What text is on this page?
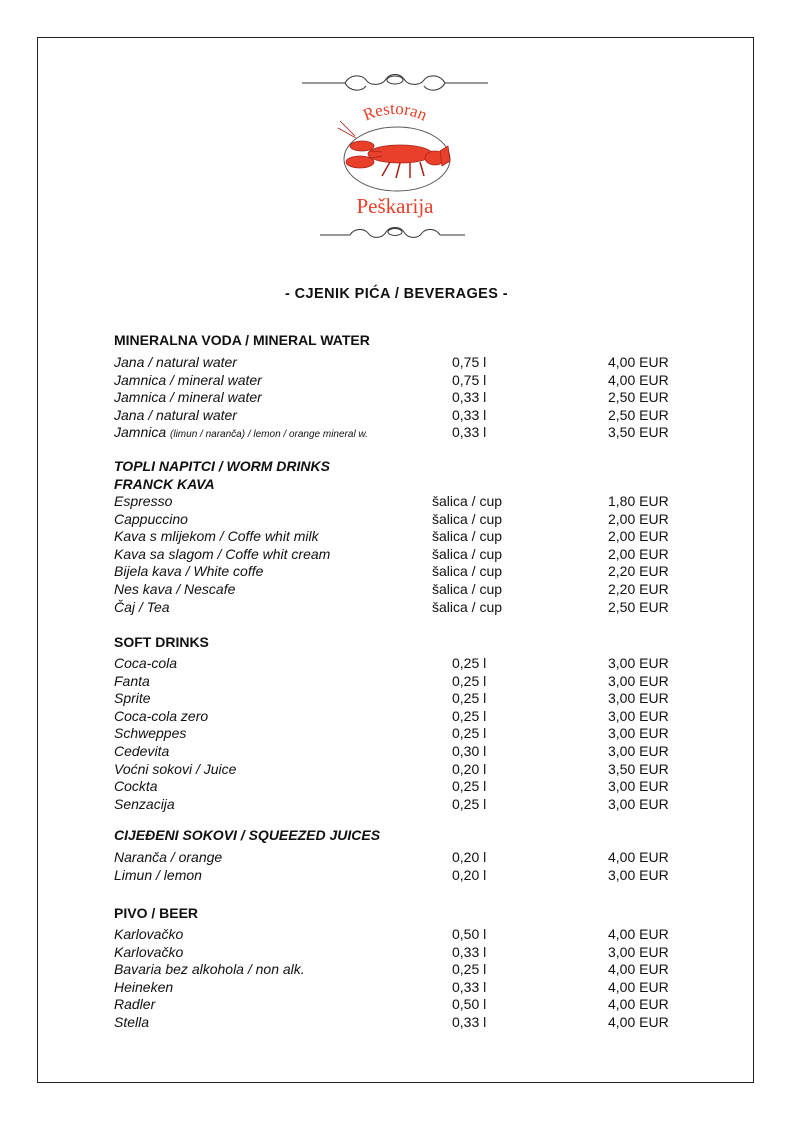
Restoran
Peškarija
- CJENIK PIĆA / BEVERAGES -
MINERALNA VODA / MINERAL WATER
Jana / natural water	0,75 l	4,00 EUR
Jamnica / mineral water	0,75 l	4,00 EUR
Jamnica / mineral water	0,33 l	2,50 EUR
Jana / natural water	0,33 l	2,50 EUR
Jamnica (limun / naranča) / lemon / orange mineral w.	0,33 l	3,50 EUR
TOPLI NAPITCI / WORM DRINKS
FRANCK KAVA
Espresso	šalica / cup	1,80 EUR
Cappuccino	šalica / cup	2,00 EUR
Kava s mlijekom / Coffe whit milk	šalica / cup	2,00 EUR
Kava sa slagom / Coffe whit cream	šalica / cup	2,00 EUR
Bijela kava / White coffe	šalica / cup	2,20 EUR
Nes kava / Nescafe	šalica / cup	2,20 EUR
Čaj / Tea	šalica / cup	2,50 EUR
SOFT DRINKS
Coca-cola	0,25 l	3,00 EUR
Fanta	0,25 l	3,00 EUR
Sprite	0,25 l	3,00 EUR
Coca-cola zero	0,25 l	3,00 EUR
Schweppes	0,25 l	3,00 EUR
Cedevita	0,30 l	3,00 EUR
Voćni sokovi / Juice	0,20 l	3,50 EUR
Cockta	0,25 l	3,00 EUR
Senzacija	0,25 l	3,00 EUR
CIJEĐENI SOKOVI / SQUEEZED JUICES
Naranča / orange	0,20 l	4,00 EUR
Limun / lemon	0,20 l	3,00 EUR
PIVO / BEER
Karlovačko	0,50 l	4,00 EUR
Karlovačko	0,33 l	3,00 EUR
Bavaria bez alkohola / non alk.	0,25 l	4,00 EUR
Heineken	0,33 l	4,00 EUR
Radler	0,50 l	4,00 EUR
Stella	0,33 l	4,00 EUR
